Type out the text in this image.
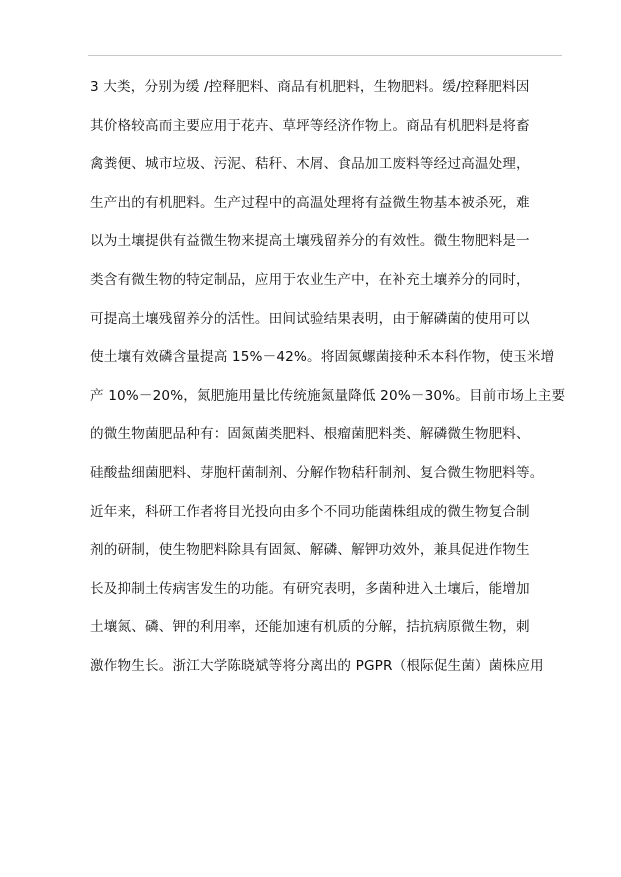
3 大类，分别为缓 /控释肥料、商品有机肥料，生物肥料。缓/控释肥料因
其价格较高而主要应用于花卉、草坪等经济作物上。商品有机肥料是将畜
禽粪便、城市垃圾、污泥、秸秆、木屑、食品加工废料等经过高温处理，
生产出的有机肥料。生产过程中的高温处理将有益微生物基本被杀死，难
以为土壤提供有益微生物来提高土壤残留养分的有效性。微生物肥料是一
类含有微生物的特定制品，应用于农业生产中，在补充土壤养分的同时，
可提高土壤残留养分的活性。田间试验结果表明，由于解磷菌的使用可以
使土壤有效磷含量提高 15%－42%。将固氮螺菌接种禾本科作物，使玉米增
产 10%－20%，氮肥施用量比传统施氮量降低 20%－30%。目前市场上主要
的微生物菌肥品种有：固氮菌类肥料、根瘤菌肥料类、解磷微生物肥料、
硅酸盐细菌肥料、芽胞杆菌制剂、分解作物秸秆制剂、复合微生物肥料等。
近年来，科研工作者将目光投向由多个不同功能菌株组成的微生物复合制
剂的研制，使生物肥料除具有固氮、解磷、解钾功效外，兼具促进作物生
长及抑制土传病害发生的功能。有研究表明，多菌种进入土壤后，能增加
土壤氮、磷、钾的利用率，还能加速有机质的分解，拮抗病原微生物，刺
激作物生长。浙江大学陈晓斌等将分离出的 PGPR（根际促生菌）菌株应用
